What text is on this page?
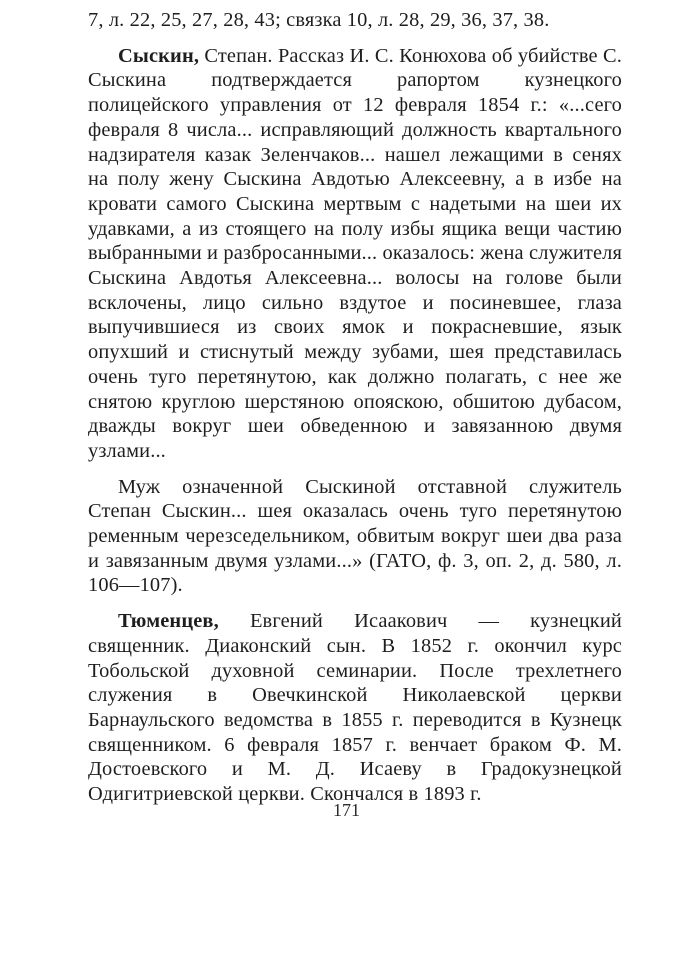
7, л. 22, 25, 27, 28, 43; связка 10, л. 28, 29, 36, 37, 38.

Сыскин, Степан. Рассказ И. С. Конюхова об убийстве С. Сыскина подтверждается рапортом кузнецкого полицейского управления от 12 февраля 1854 г.: «...сего февраля 8 числа... исправляющий должность квартального надзирателя казак Зеленчаков... нашел лежащими в сенях на полу жену Сыскина Авдотью Алексеевну, а в избе на кровати самого Сыскина мертвым с надетыми на шеи их удавками, а из стоящего на полу избы ящика вещи частию выбранными и разбросанными... оказалось: жена служителя Сыскина Авдотья Алексеевна... волосы на голове были всклочены, лицо сильно вздутое и посиневшее, глаза выпучившиеся из своих ямок и покрасневшие, язык опухший и стиснутый между зубами, шея представилась очень туго перетянутою, как должно полагать, с нее же снятою круглою шерстяною опояскою, обшитою дубасом, дважды вокруг шеи обведенною и завязанною двумя узлами...

Муж означенной Сыскиной отставной служитель Степан Сыскин... шея оказалась очень туго перетянутою ременным черезседельником, обвитым вокруг шеи два раза и завязанным двумя узлами...» (ГАТО, ф. 3, оп. 2, д. 580, л. 106—107).

Тюменцев, Евгений Исаакович — кузнецкий священник. Диаконский сын. В 1852 г. окончил курс Тобольской духовной семинарии. После трехлетнего служения в Овечкинской Николаевской церкви Барнаульского ведомства в 1855 г. переводится в Кузнецк священником. 6 февраля 1857 г. венчает браком Ф. М. Достоевского и М. Д. Исаеву в Градокузнецкой Одигитриевской церкви. Скончался в 1893 г.

171
